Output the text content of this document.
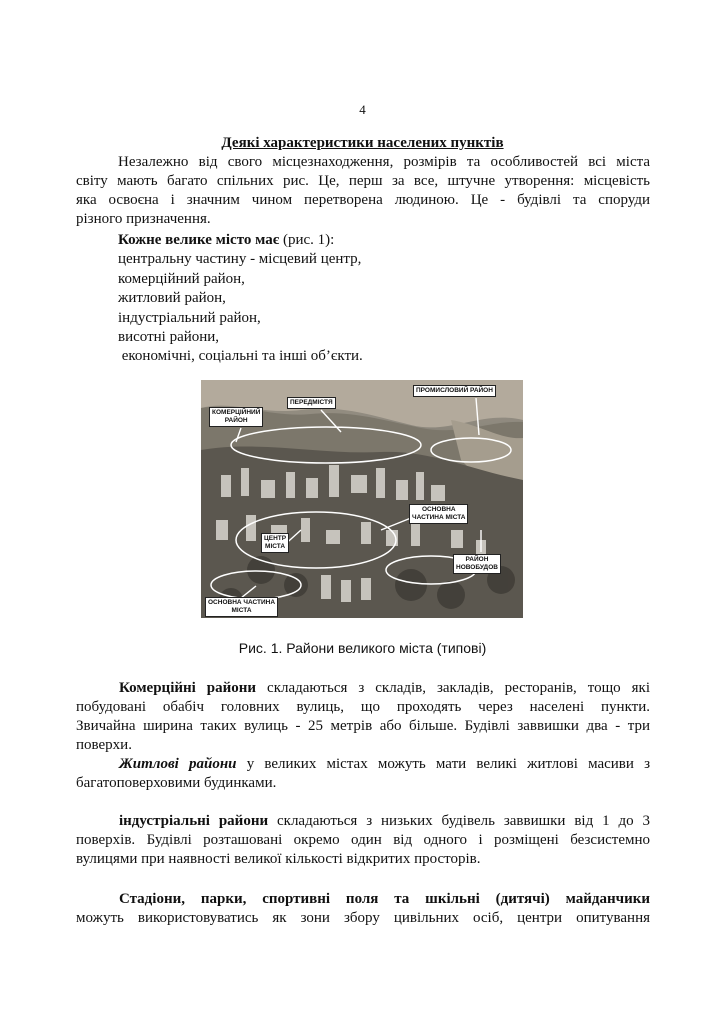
4
Деякі характеристики населених пунктів
Незалежно від свого місцезнаходження, розмірів та особливостей всі міста
світу мають багато спільних рис. Це, перш за все, штучне утворення: місцевість
яка освоєна і значним чином перетворена людиною. Це - будівлі та споруди
різного призначення.
Кожне велике місто має (рис. 1):
центральну частину - місцевий центр,
комерційний район,
житловий район,
індустріальний район,
висотні райони,
економічні, соціальні та інші об’єкти.
КОМЕРЦІЙНИЙ
РАЙОН
ПЕРЕДМІСТЯ
ПРОМИСЛОВИЙ РАЙОН
ОСНОВНА
ЧАСТИНА МІСТА
ЦЕНТР
МІСТА
РАЙОН
НОВОБУДОВ
ОСНОВНА ЧАСТИНА
МІСТА
Рис. 1. Райони великого міста (типові)
Комерційні райони складаються з складів, закладів, ресторанів, тощо які
побудовані обабіч головних вулиць, що проходять через населені пункти.
Звичайна ширина таких вулиць - 25 метрів або більше. Будівлі заввишки два - три
поверхи.
Житлові райони у великих містах можуть мати великі житлові масиви з
багатоповерховими будинками.
індустріальні райони складаються з низьких будівель заввишки від 1 до 3
поверхів. Будівлі розташовані окремо один від одного і розміщені безсистемно
вулицями при наявності великої кількості відкритих просторів.
Стадіони, парки, спортивні поля та шкільні (дитячі) майданчики
можуть використовуватись як зони збору цивільних осіб, центри опитування
